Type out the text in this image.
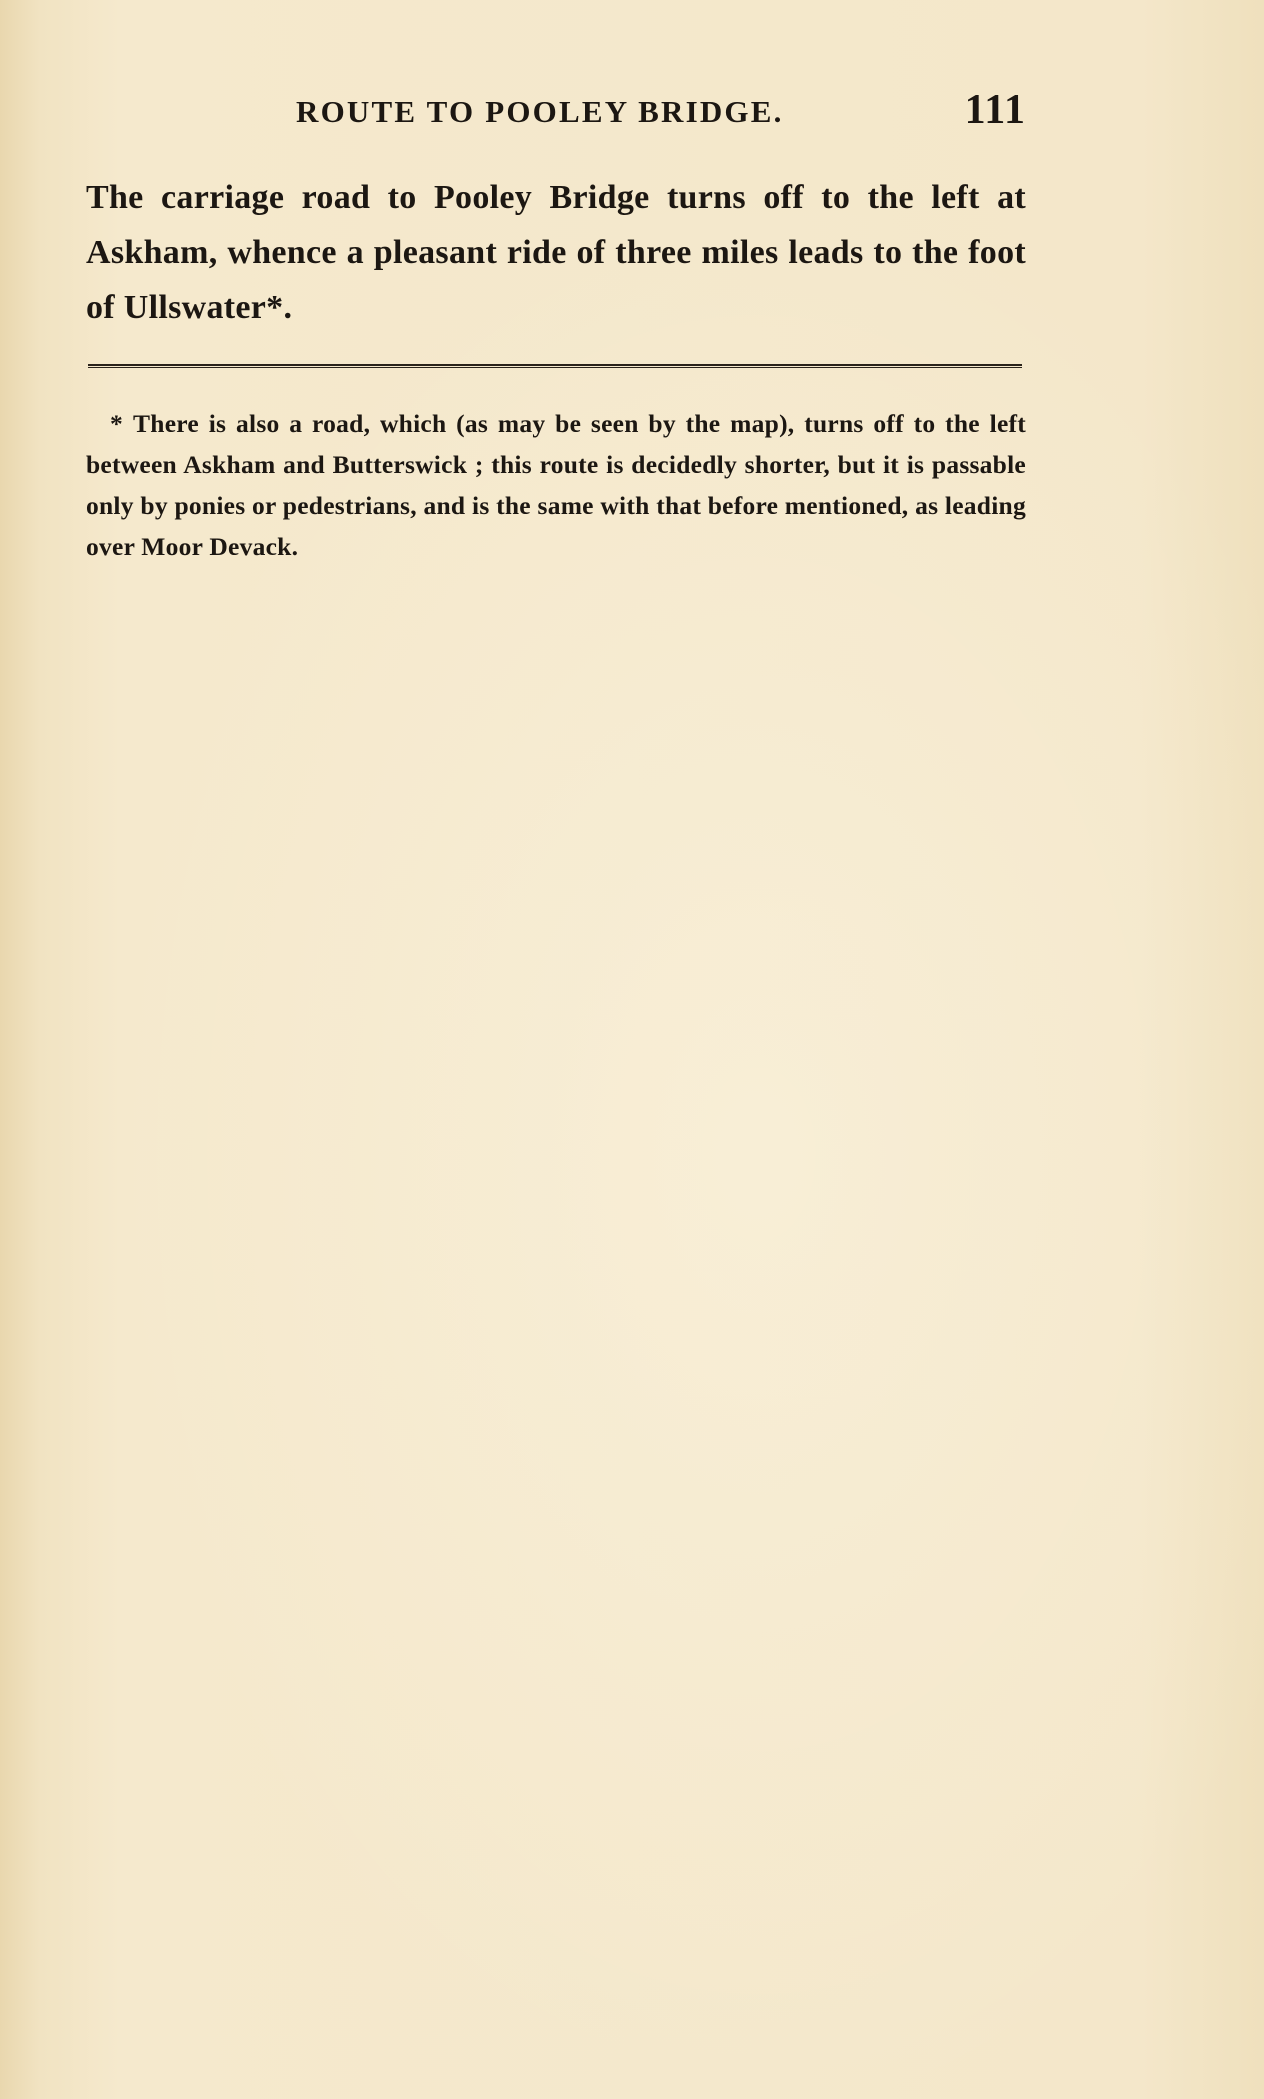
ROUTE TO POOLEY BRIDGE.	111

The carriage road to Pooley Bridge turns off to the left at Askham, whence a pleasant ride of three miles leads to the foot of Ullswater*.

* There is also a road, which (as may be seen by the map), turns off to the left between Askham and Butterswick ; this route is decidedly shorter, but it is passable only by ponies or pedestrians, and is the same with that before mentioned, as leading over Moor Devack.
